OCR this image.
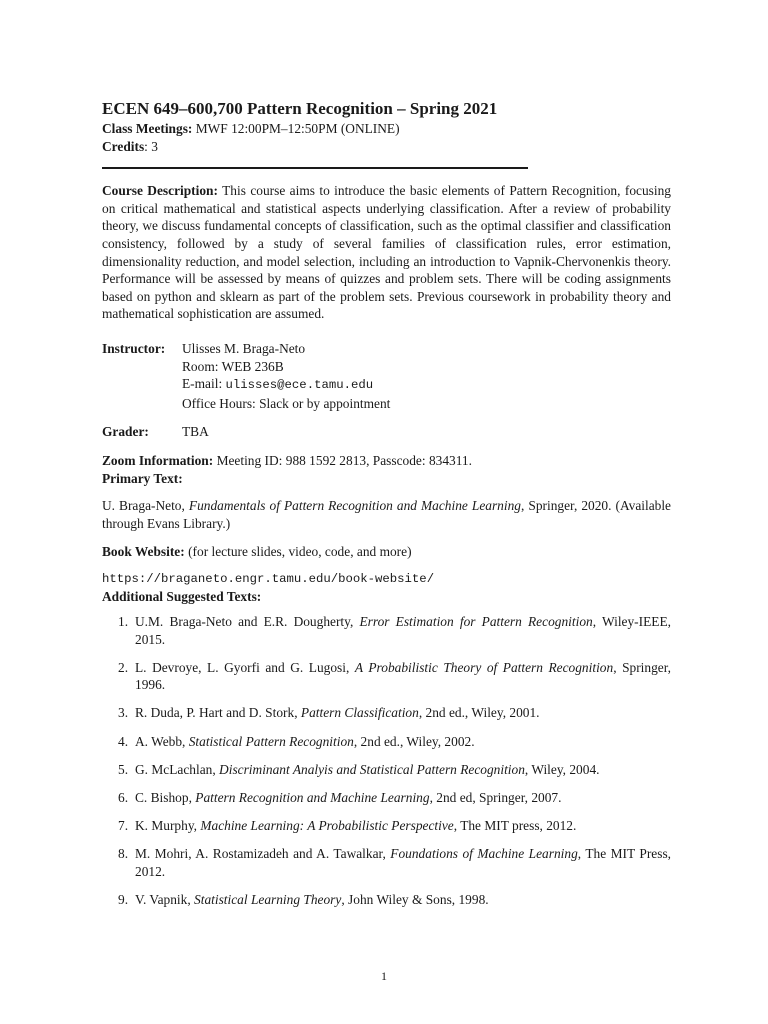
ECEN 649–600,700 Pattern Recognition – Spring 2021

Class Meetings: MWF 12:00PM–12:50PM (ONLINE)

Credits: 3

Course Description: This course aims to introduce the basic elements of Pattern Recognition, focusing on critical mathematical and statistical aspects underlying classification. After a review of probability theory, we discuss fundamental concepts of classification, such as the optimal classifier and classification consistency, followed by a study of several families of classification rules, error estimation, dimensionality reduction, and model selection, including an introduction to Vapnik-Chervonenkis theory. Performance will be assessed by means of quizzes and problem sets. There will be coding assignments based on python and sklearn as part of the problem sets. Previous coursework in probability theory and mathematical sophistication are assumed.

Instructor:	Ulisses M. Braga-Neto
Room: WEB 236B
E-mail: ulisses@ece.tamu.edu
Office Hours: Slack or by appointment
Grader:	TBA

Zoom Information: Meeting ID: 988 1592 2813, Passcode: 834311.

Primary Text:

U. Braga-Neto, Fundamentals of Pattern Recognition and Machine Learning, Springer, 2020. (Available through Evans Library.)

Book Website: (for lecture slides, video, code, and more)

https://braganeto.engr.tamu.edu/book-website/

Additional Suggested Texts:

1. U.M. Braga-Neto and E.R. Dougherty, Error Estimation for Pattern Recognition, Wiley-IEEE, 2015.
2. L. Devroye, L. Gyorfi and G. Lugosi, A Probabilistic Theory of Pattern Recognition, Springer, 1996.
3. R. Duda, P. Hart and D. Stork, Pattern Classification, 2nd ed., Wiley, 2001.
4. A. Webb, Statistical Pattern Recognition, 2nd ed., Wiley, 2002.
5. G. McLachlan, Discriminant Analyis and Statistical Pattern Recognition, Wiley, 2004.
6. C. Bishop, Pattern Recognition and Machine Learning, 2nd ed, Springer, 2007.
7. K. Murphy, Machine Learning: A Probabilistic Perspective, The MIT press, 2012.
8. M. Mohri, A. Rostamizadeh and A. Tawalkar, Foundations of Machine Learning, The MIT Press, 2012.
9. V. Vapnik, Statistical Learning Theory, John Wiley & Sons, 1998.
1
